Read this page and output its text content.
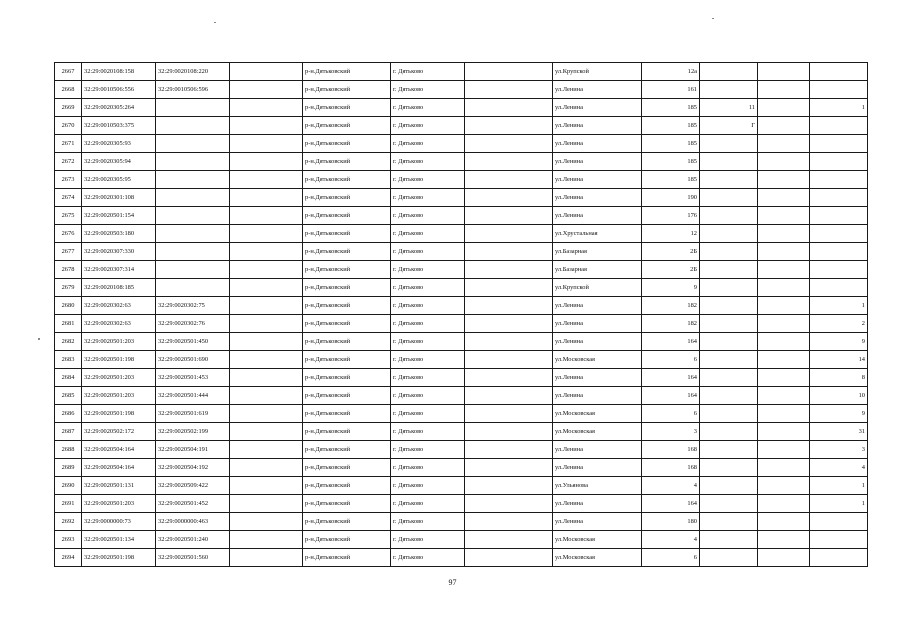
2667	32:29:0020108:158	32:29:0020108:220		р-н.Дятьковский	г. Дятьково		ул.Крупской	12а			
2668	32:29:0010506:556	32:29:0010506:596		р-н.Дятьковский	г. Дятьково		ул.Ленина	161			
2669	32:29:0020305:264			р-н.Дятьковский	г. Дятьково		ул.Ленина	185	11		1
2670	32:29:0010503:375			р-н.Дятьковский	г. Дятьково		ул.Ленина	185	Г		
2671	32:29:0020305:93			р-н.Дятьковский	г. Дятьково		ул.Ленина	185			
2672	32:29:0020305:94			р-н.Дятьковский	г. Дятьково		ул.Ленина	185			
2673	32:29:0020305:95			р-н.Дятьковский	г. Дятьково		ул.Ленина	185			
2674	32:29:0020301:108			р-н.Дятьковский	г. Дятьково		ул.Ленина	190			
2675	32:29:0020501:154			р-н.Дятьковский	г. Дятьково		ул.Ленина	176			
2676	32:29:0020503:180			р-н.Дятьковский	г. Дятьково		ул.Хрустальная	12			
2677	32:29:0020307:330			р-н.Дятьковский	г. Дятьково		ул.Базарная	2Б			
2678	32:29:0020307:314			р-н.Дятьковский	г. Дятьково		ул.Базарная	2Б			
2679	32:29:0020108:185			р-н.Дятьковский	г. Дятьково		ул.Крупской	9			
2680	32:29:0020302:63	32:29:0020302:75		р-н.Дятьковский	г. Дятьково		ул.Ленина	182			1
2681	32:29:0020302:63	32:29:0020302:76		р-н.Дятьковский	г. Дятьково		ул.Ленина	182			2
2682	32:29:0020501:203	32:29:0020501:450		р-н.Дятьковский	г. Дятьково		ул.Ленина	164			9
2683	32:29:0020501:198	32:29:0020501:690		р-н.Дятьковский	г. Дятьково		ул.Московская	6			14
2684	32:29:0020501:203	32:29:0020501:453		р-н.Дятьковский	г. Дятьково		ул.Ленина	164			8
2685	32:29:0020501:203	32:29:0020501:444		р-н.Дятьковский	г. Дятьково		ул.Ленина	164			10
2686	32:29:0020501:198	32:29:0020501:619		р-н.Дятьковский	г. Дятьково		ул.Московская	6			9
2687	32:29:0020502:172	32:29:0020502:199		р-н.Дятьковский	г. Дятьково		ул.Московская	3			31
2688	32:29:0020504:164	32:29:0020504:191		р-н.Дятьковский	г. Дятьково		ул.Ленина	168			3
2689	32:29:0020504:164	32:29:0020504:192		р-н.Дятьковский	г. Дятьково		ул.Ленина	168			4
2690	32:29:0020501:131	32:29:0020509:422		р-н.Дятьковский	г. Дятьково		ул.Ульянова	4			1
2691	32:29:0020501:203	32:29:0020501:452		р-н.Дятьковский	г. Дятьково		ул.Ленина	164			1
2692	32:29:0000000:73	32:29:0000000:463		р-н.Дятьковский	г. Дятьково		ул.Ленина	180			
2693	32:29:0020501:134	32:29:0020501:240		р-н.Дятьковский	г. Дятьково		ул.Московская	4			
2694	32:29:0020501:198	32:29:0020501:560		р-н.Дятьковский	г. Дятьково		ул.Московская	6			
97
